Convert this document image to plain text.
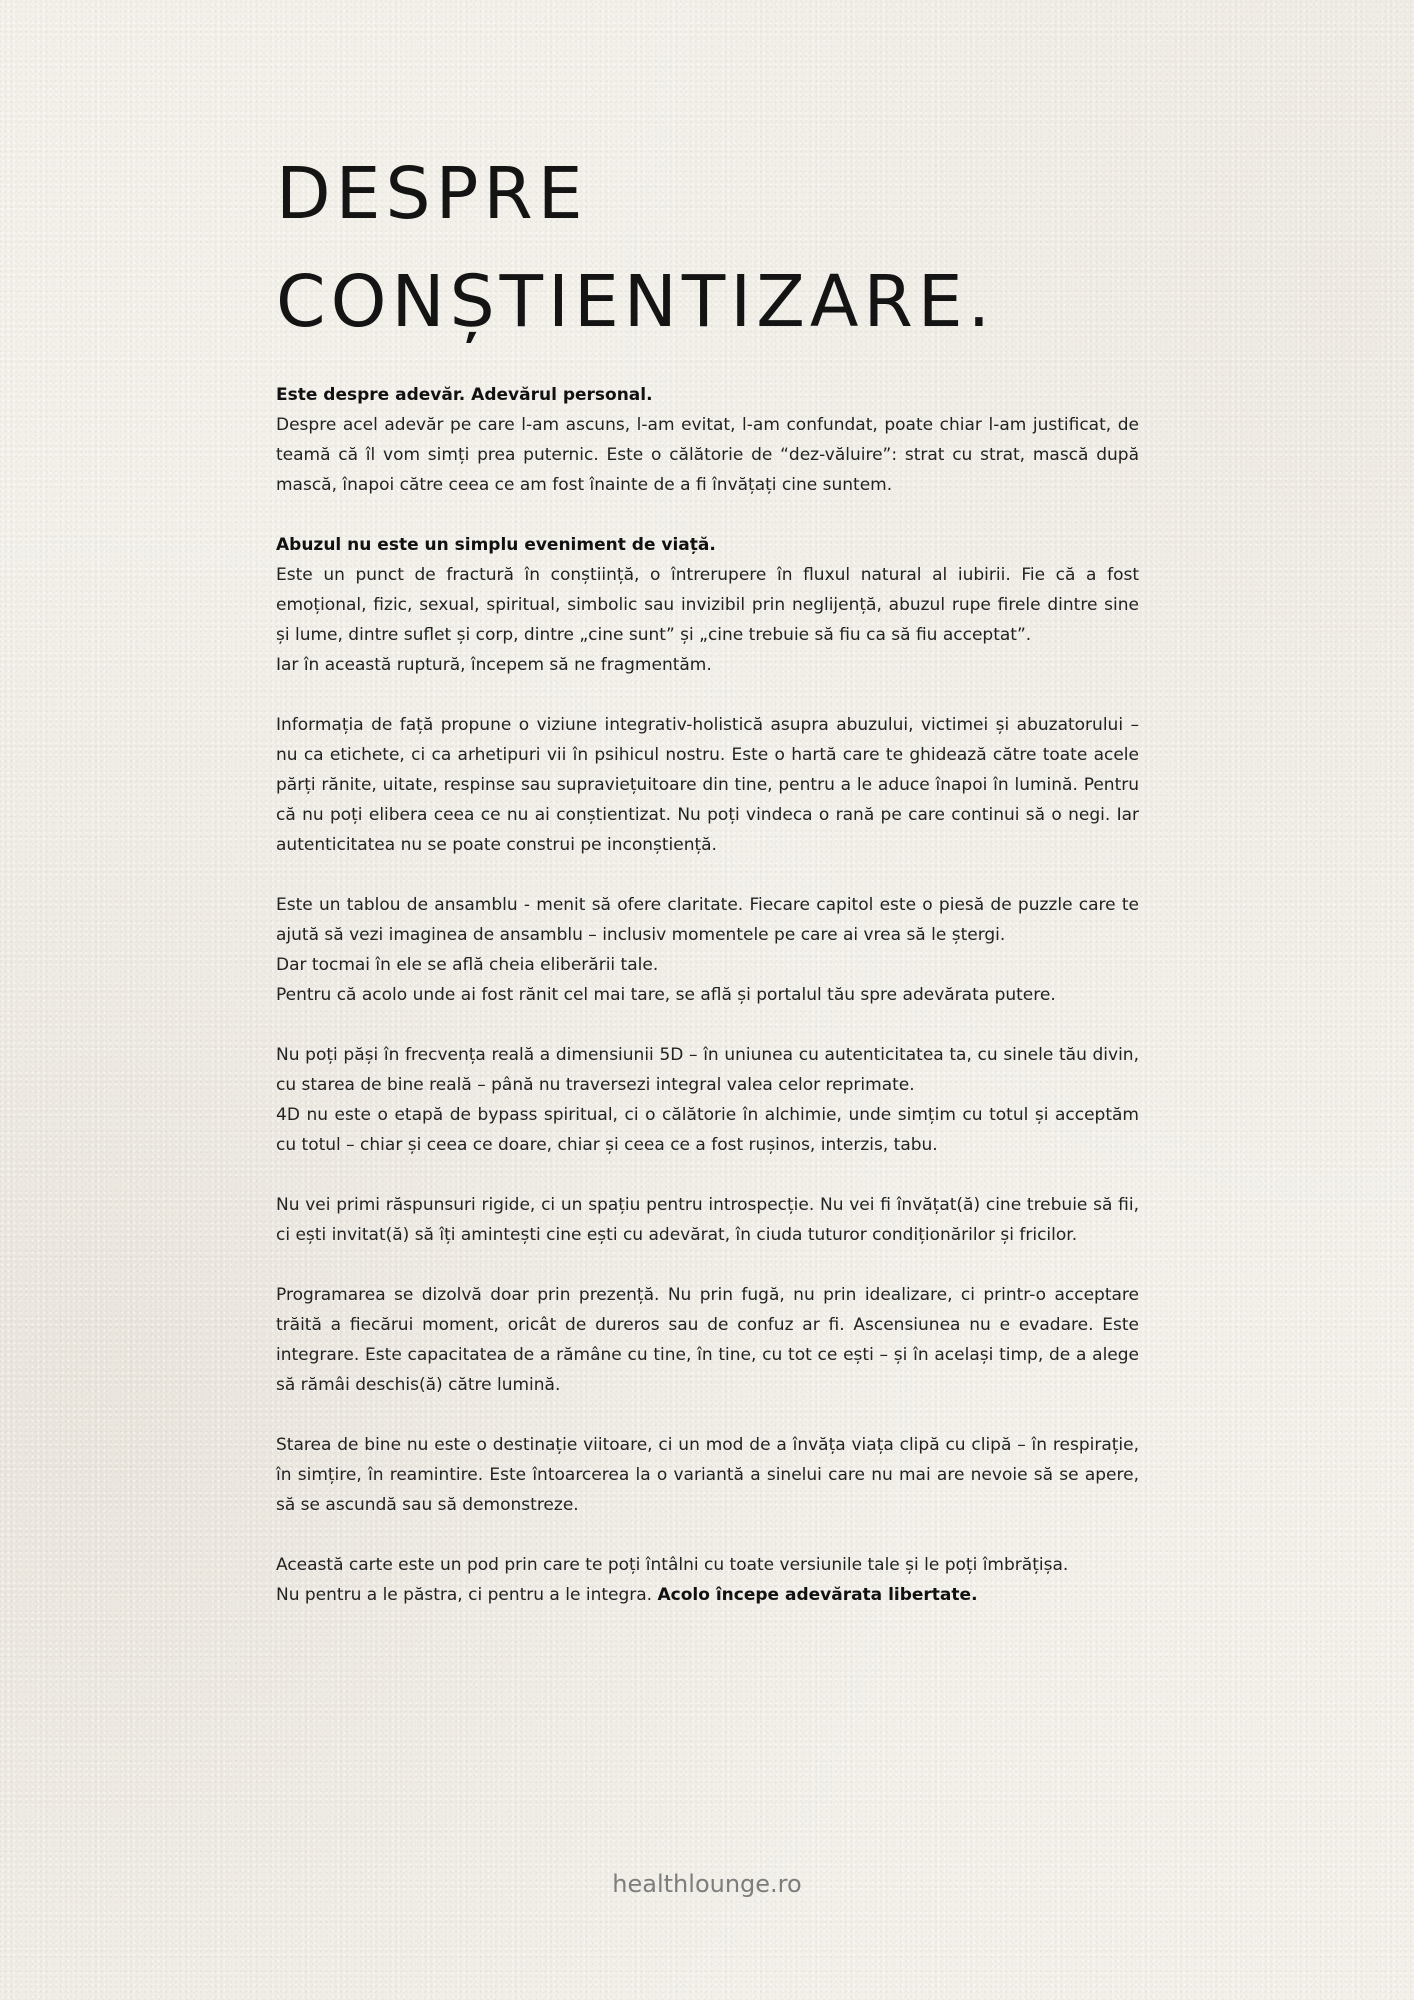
DESPRE
CONȘTIENTIZARE.

Este despre adevăr. Adevărul personal.
Despre acel adevăr pe care l-am ascuns, l-am evitat, l-am confundat, poate chiar l-am justificat, de teamă că îl vom simți prea puternic. Este o călătorie de “dez-văluire”: strat cu strat, mască după mască, înapoi către ceea ce am fost înainte de a fi învățați cine suntem.

Abuzul nu este un simplu eveniment de viață.
Este un punct de fractură în conștiință, o întrerupere în fluxul natural al iubirii. Fie că a fost emoțional, fizic, sexual, spiritual, simbolic sau invizibil prin neglijență, abuzul rupe firele dintre sine și lume, dintre suflet și corp, dintre „cine sunt” și „cine trebuie să fiu ca să fiu acceptat”.
Iar în această ruptură, începem să ne fragmentăm.

Informația de față propune o viziune integrativ-holistică asupra abuzului, victimei și abuzatorului – nu ca etichete, ci ca arhetipuri vii în psihicul nostru. Este o hartă care te ghidează către toate acele părți rănite, uitate, respinse sau supraviețuitoare din tine, pentru a le aduce înapoi în lumină. Pentru că nu poți elibera ceea ce nu ai conștientizat. Nu poți vindeca o rană pe care continui să o negi. Iar autenticitatea nu se poate construi pe inconștiență.

Este un tablou de ansamblu - menit să ofere claritate. Fiecare capitol este o piesă de puzzle care te ajută să vezi imaginea de ansamblu – inclusiv momentele pe care ai vrea să le ștergi.
Dar tocmai în ele se află cheia eliberării tale.
Pentru că acolo unde ai fost rănit cel mai tare, se află și portalul tău spre adevărata putere.

Nu poți păși în frecvența reală a dimensiunii 5D – în uniunea cu autenticitatea ta, cu sinele tău divin, cu starea de bine reală – până nu traversezi integral valea celor reprimate.
4D nu este o etapă de bypass spiritual, ci o călătorie în alchimie, unde simțim cu totul și acceptăm cu totul – chiar și ceea ce doare, chiar și ceea ce a fost rușinos, interzis, tabu.

Nu vei primi răspunsuri rigide, ci un spațiu pentru introspecție. Nu vei fi învățat(ă) cine trebuie să fii, ci ești invitat(ă) să îți amintești cine ești cu adevărat, în ciuda tuturor condiționărilor și fricilor.

Programarea se dizolvă doar prin prezență. Nu prin fugă, nu prin idealizare, ci printr-o acceptare trăită a fiecărui moment, oricât de dureros sau de confuz ar fi. Ascensiunea nu e evadare. Este integrare. Este capacitatea de a rămâne cu tine, în tine, cu tot ce ești – și în același timp, de a alege să rămâi deschis(ă) către lumină.

Starea de bine nu este o destinație viitoare, ci un mod de a învăța viața clipă cu clipă – în respirație, în simțire, în reamintire. Este întoarcerea la o variantă a sinelui care nu mai are nevoie să se apere, să se ascundă sau să demonstreze.

Această carte este un pod prin care te poți întâlni cu toate versiunile tale și le poți îmbrățișa.
Nu pentru a le păstra, ci pentru a le integra. Acolo începe adevărata libertate.

healthlounge.ro
